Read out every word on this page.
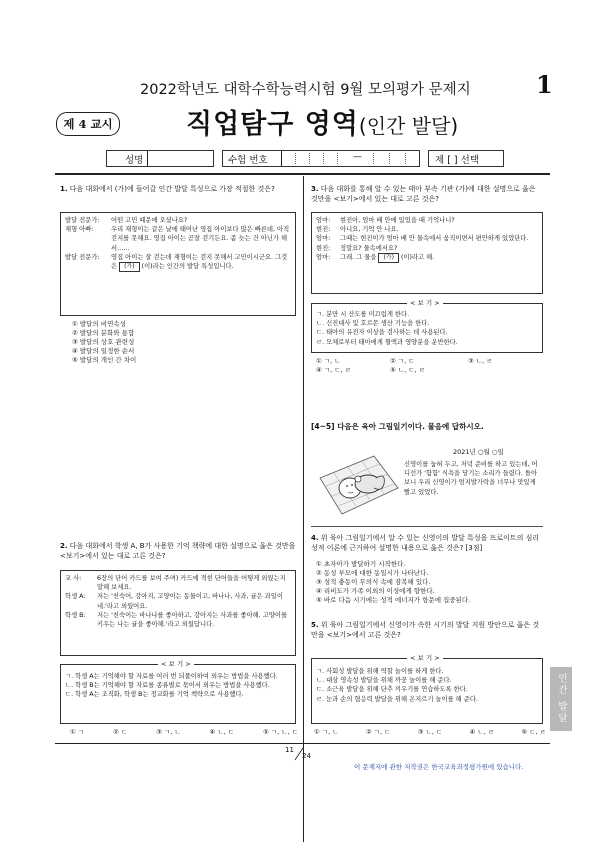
2022학년도 대학수학능력시험 9월 모의평가 문제지	1
제 4 교시	직업탐구 영역(인간 발달)
성명	수험 번호	—	제 [ ] 선택
1. 다음 대화에서 (가)에 들어갈 인간 발달 특성으로 가장 적절한 것은?
발달 전문가:	어떤 고민 때문에 오셨나요?
재형 아빠:	우리 재형이는 같은 날에 태어난 영집 아이보다 많은 빠른데, 아직 걷지를 못해요. 영집 아이는 곧잘 걷기든요. 좀 늦는 건 아닌가 해서……
발달 전문가:	영집 아이는 잘 걷는데 재형이는 걷지 못해서 고민이시군요. 그것은 (가) (이)라는 인간의 발달 특성입니다.
① 발달의 비연속성
② 발달의 분화와 통합
③ 발달의 상호 관련성
④ 발달의 일정한 순서
⑤ 발달의 개인 간 차이
2. 다음 대화에서 학생 A, B가 사용한 기억 책략에 대한 설명으로 옳은 것만을 <보기>에서 있는 대로 고른 것은?
교 사:	6장의 단어 카드를 보여 주며) 카드에 적힌 단어들을 어떻게 외웠는지 말해 보세요.
학생 A:	저는 '친숙어, 강아지, 고양이는 동물이고, 바나나, 사과, 귤은 과일이네.'라고 외웠어요.
학생 B:	저는 '친숙이는 바나나를 좋아하고, 강아지는 사과를 좋아해. 고양이를 키우는 나는 귤을 좋아해.'라고 외웠답니다.
ㄱ. 학생 A는 기억해야 할 자료를 여러 번 되풀이하여 외우는 방법을 사용했다.
ㄴ. 학생 B는 기억해야 할 자료를 종류별로 묶어서 외우는 방법을 사용했다.
ㄷ. 학생 A는 조직화, 학생 B는 정교화를 기억 책략으로 사용했다.
< 보 기 >
① ㄱ	② ㄷ	③ ㄱ, ㄴ	④ ㄴ, ㄷ	⑤ ㄱ, ㄴ, ㄷ
3. 다음 대화를 통해 알 수 있는 태아 부속 기관 (가)에 대한 설명으로 옳은 것만을 <보기>에서 있는 대로 고른 것은?
엄마:	현진아, 엄마 배 안에 있었을 때 기억나니?
현진:	아니요, 기억 안 나요.
엄마:	그때는 현진이가 엄마 배 안 물속에서 움직이면서 편안하게 있었단다.
현진:	정말요? 물속에서요?
엄마:	그래. 그 물을 (가) (이)라고 해.
ㄱ. 분만 시 산도를 미끄럽게 한다.
ㄴ. 신진대사 및 호르몬 생산 기능을 한다.
ㄷ. 태아의 유전자 이상을 검사하는 데 사용된다.
ㄹ. 모체로부터 태아에게 혈액과 영양분을 운반한다.
< 보 기 >
① ㄱ, ㄴ	② ㄱ, ㄷ	③ ㄴ, ㄹ
④ ㄱ, ㄷ, ㄹ	⑤ ㄴ, ㄷ, ㄹ
[4~5] 다음은 육아 그림일기이다. 물음에 답하시오.
2021년 ○월 ○일
신영이를 눕혀 두고, 저녁 준비를 하고 있는데, 어디선가 '함함' 식욕을 당기는 소리가 들렸다. 돌아보니 우리 신영이가 엄지발가락을 너무나 맛있게 빨고 있었다.
4. 위 육아 그림일기에서 알 수 있는 신영이의 발달 특성을 프로이트의 심리성적 이론에 근거하여 설명한 내용으로 옳은 것은? [3점]
① 초자아가 발달하기 시작한다.
② 동성 부모에 대한 동일시가 나타난다.
③ 성적 충동이 무의식 속에 잠복해 있다.
④ 리비도가 가족 이외의 이성에게 향한다.
⑤ 바로 다음 시기에는 성적 에너지가 항문에 집중된다.
5. 위 육아 그림일기에서 신영이가 속한 시기의 발달 지원 방안으로 옳은 것만을 <보기>에서 고른 것은?
ㄱ. 사회성 발달을 위해 역할 놀이를 하게 한다.
ㄴ. 대상 영속성 발달을 위해 까꿍 놀이를 해 준다.
ㄷ. 소근육 발달을 위해 단추 끼우기를 연습하도록 한다.
ㄹ. 눈과 손의 협응력 발달을 위해 온지르기 놀이를 해 준다.
< 보 기 >
① ㄱ, ㄴ	② ㄱ, ㄷ	③ ㄴ, ㄷ	④ ㄴ, ㄹ	⑤ ㄷ, ㄹ
인간 발달
11
24
이 문제지에 관한 저작권은 한국교육과정평가원에 있습니다.
